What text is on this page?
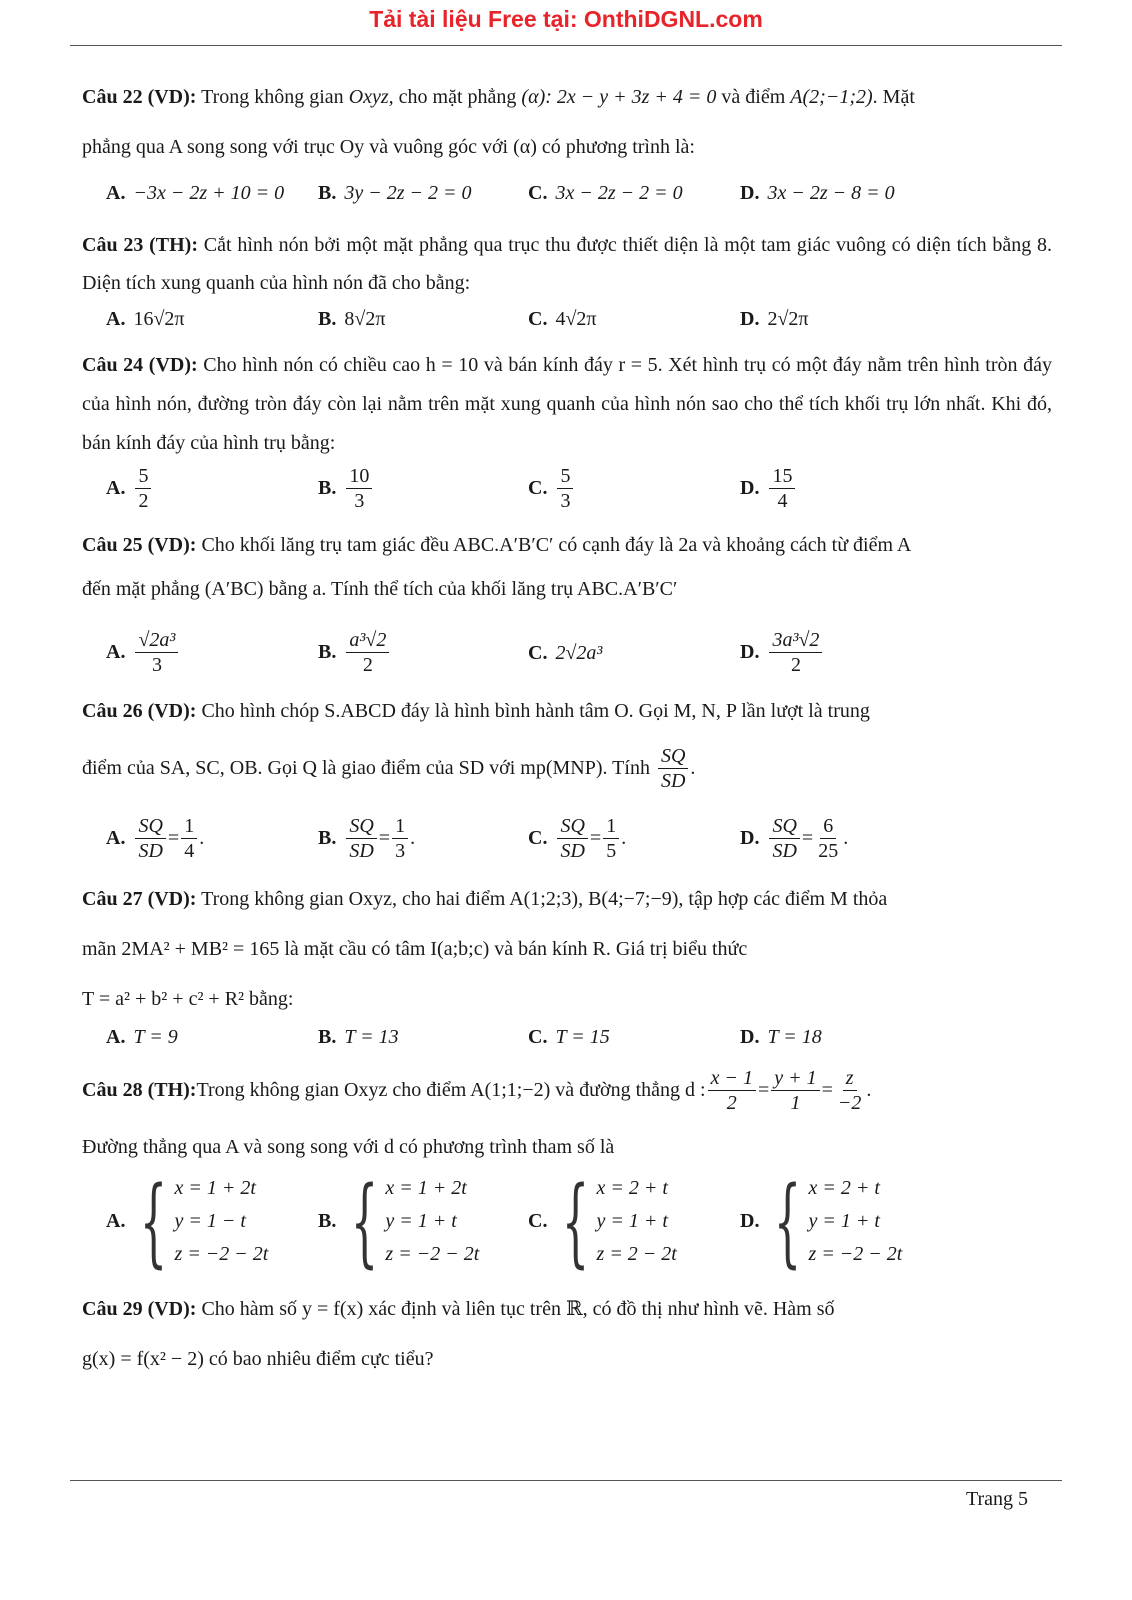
Tải tài liệu Free tại: OnthiDGNL.com
Câu 22 (VD): Trong không gian Oxyz, cho mặt phẳng (α): 2x − y + 3z + 4 = 0 và điểm A(2;−1;2). Mặt
phẳng qua A song song với trục Oy và vuông góc với (α) có phương trình là:
A. −3x − 2z + 10 = 0 B. 3y − 2z − 2 = 0	C. 3x − 2z − 2 = 0	D. 3x − 2z − 8 = 0
Câu 23 (TH): Cắt hình nón bởi một mặt phẳng qua trục thu được thiết diện là một tam giác vuông có diện tích bằng 8. Diện tích xung quanh của hình nón đã cho bằng:
A. 16√2π	B. 8√2π	C. 4√2π	D. 2√2π
Câu 24 (VD): Cho hình nón có chiều cao h = 10 và bán kính đáy r = 5. Xét hình trụ có một đáy nằm trên hình tròn đáy của hình nón, đường tròn đáy còn lại nằm trên mặt xung quanh của hình nón sao cho thể tích khối trụ lớn nhất. Khi đó, bán kính đáy của hình trụ bằng:
A. $\frac{5}{2}$	B. $\frac{10}{3}$	C. $\frac{5}{3}$	D. $\frac{15}{4}$
Câu 25 (VD): Cho khối lăng trụ tam giác đều ABC.A′B′C′ có cạnh đáy là 2a và khoảng cách từ điểm A
đến mặt phẳng (A′BC) bằng a. Tính thể tích của khối lăng trụ ABC.A′B′C′
A. $\frac{\text{√2a³}}{3}$	B. $\frac{\text{a³√2}}{2}$	C. 2√2a³	D. $\frac{\text{3a³√2}}{2}$
Câu 26 (VD): Cho hình chóp S.ABCD đáy là hình bình hành tâm O. Gọi M, N, P lần lượt là trung
điểm của SA, SC, OB. Gọi Q là giao điểm của SD với mp(MNP). Tính $\frac{SQ}{SD}$ .
A. $\frac{SQ}{SD} = \frac{1}{4}$ .	B. $\frac{SQ}{SD} = \frac{1}{3}$ .	C. $\frac{SQ}{SD} = \frac{1}{5}$ .	D. $\frac{SQ}{SD} = \frac{6}{25}$ .
Câu 27 (VD): Trong không gian Oxyz, cho hai điểm A(1;2;3), B(4;−7;−9), tập hợp các điểm M thỏa
mãn 2MA² + MB² = 165 là mặt cầu có tâm I(a;b;c) và bán kính R. Giá trị biểu thức
T = a² + b² + c² + R² bằng:
A. T = 9	B. T = 13	C. T = 15	D. T = 18
Câu 28 (TH): Trong không gian Oxyz cho điểm A(1;1;−2) và đường thẳng d : $\frac{x - 1}{2} = \frac{y + 1}{1} = \frac{z}{-2}$ .
Đường thẳng qua A và song song với d có phương trình tham số là
A. { x = 1 + 2t
y = 1 − t
z = −2 − 2t
B. { x = 1 + 2t
y = 1 + t
z = −2 − 2t
C. { x = 2 + t
y = 1 + t
z = 2 − 2t
D. { x = 2 + t
y = 1 + t
z = −2 − 2t
Câu 29 (VD): Cho hàm số y = f(x) xác định và liên tục trên ℝ, có đồ thị như hình vẽ. Hàm số
g(x) = f(x² − 2) có bao nhiêu điểm cực tiểu?
Trang 5
